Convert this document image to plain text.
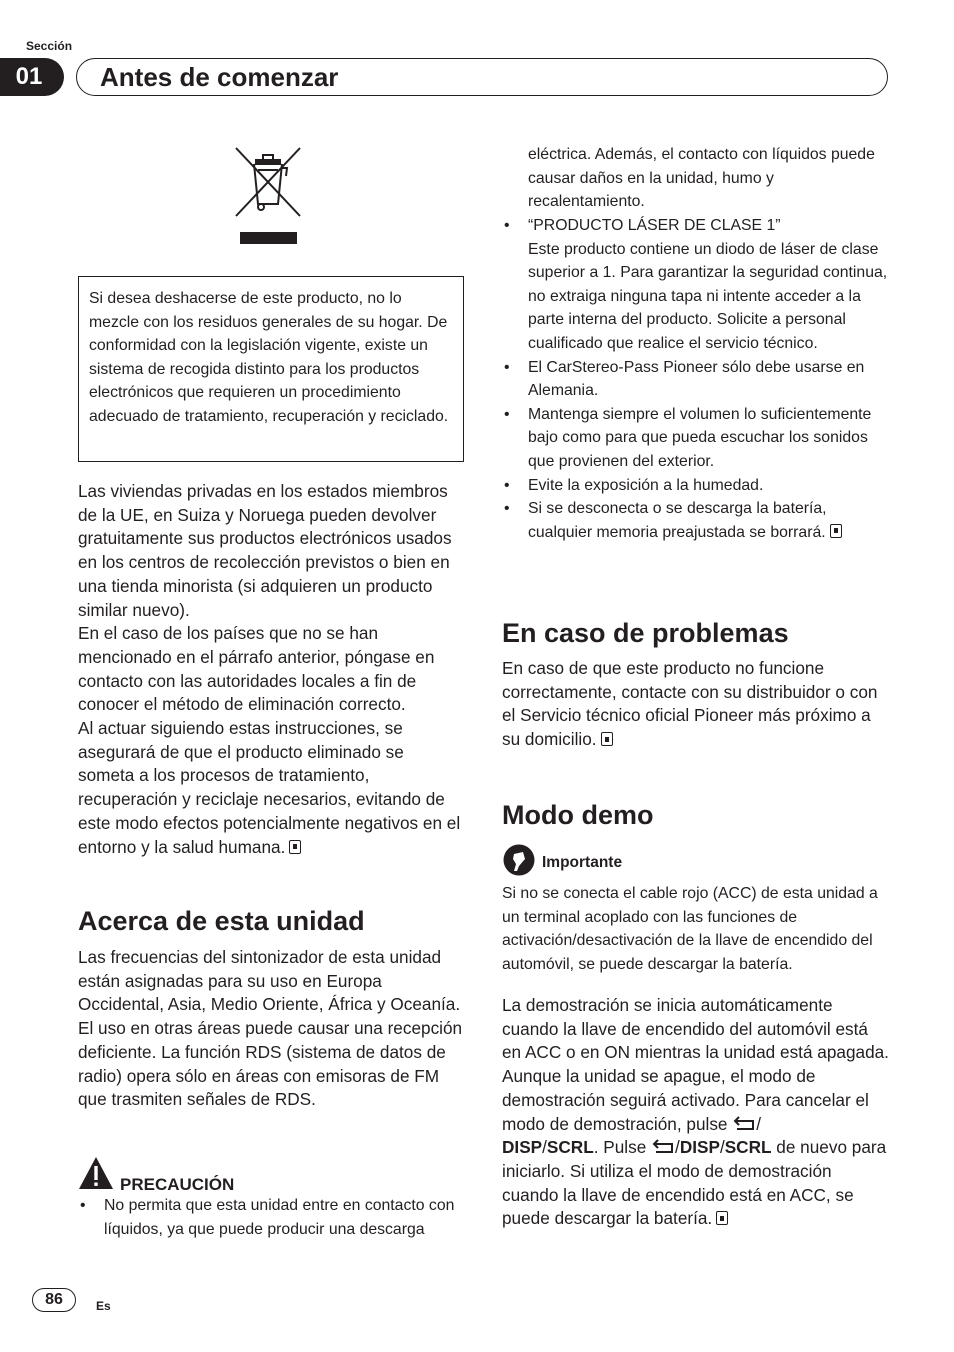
Sección
01	Antes de comenzar

Si desea deshacerse de este producto, no lo mezcle con los residuos generales de su hogar. De conformidad con la legislación vigente, existe un sistema de recogida distinto para los productos electrónicos que requieren un procedimiento adecuado de tratamiento, recuperación y reciclado.

Las viviendas privadas en los estados miembros de la UE, en Suiza y Noruega pueden devolver gratuitamente sus productos electrónicos usados en los centros de recolección previstos o bien en una tienda minorista (si adquieren un producto similar nuevo).

En el caso de los países que no se han mencionado en el párrafo anterior, póngase en contacto con las autoridades locales a fin de conocer el método de eliminación correcto.

Al actuar siguiendo estas instrucciones, se asegurará de que el producto eliminado se someta a los procesos de tratamiento, recuperación y reciclaje necesarios, evitando de este modo efectos potencialmente negativos en el entorno y la salud humana.

Acerca de esta unidad

Las frecuencias del sintonizador de esta unidad están asignadas para su uso en Europa Occidental, Asia, Medio Oriente, África y Oceanía. El uso en otras áreas puede causar una recepción deficiente. La función RDS (sistema de datos de radio) opera sólo en áreas con emisoras de FM que trasmiten señales de RDS.

PRECAUCIÓN
• No permita que esta unidad entre en contacto con líquidos, ya que puede producir una descarga
• eléctrica. Además, el contacto con líquidos puede causar daños en la unidad, humo y recalentamiento.
• “PRODUCTO LÁSER DE CLASE 1”
Este producto contiene un diodo de láser de clase superior a 1. Para garantizar la seguridad continua, no extraiga ninguna tapa ni intente acceder a la parte interna del producto. Solicite a personal cualificado que realice el servicio técnico.
• El CarStereo-Pass Pioneer sólo debe usarse en Alemania.
• Mantenga siempre el volumen lo suficientemente bajo como para que pueda escuchar los sonidos que provienen del exterior.
• Evite la exposición a la humedad.
• Si se desconecta o se descarga la batería, cualquier memoria preajustada se borrará.
En caso de problemas

En caso de que este producto no funcione correctamente, contacte con su distribuidor o con el Servicio técnico oficial Pioneer más próximo a su domicilio.

Modo demo
Importante

Si no se conecta el cable rojo (ACC) de esta unidad a un terminal acoplado con las funciones de activación/desactivación de la llave de encendido del automóvil, se puede descargar la batería.

La demostración se inicia automáticamente cuando la llave de encendido del automóvil está en ACC o en ON mientras la unidad está apagada. Aunque la unidad se apague, el modo de demostración seguirá activado. Para cancelar el modo de demostración, pulse /
DISP/SCRL. Pulse /DISP/SCRL de nuevo para iniciarlo. Si utiliza el modo de demostración cuando la llave de encendido está en ACC, se puede descargar la batería.

86	Es
